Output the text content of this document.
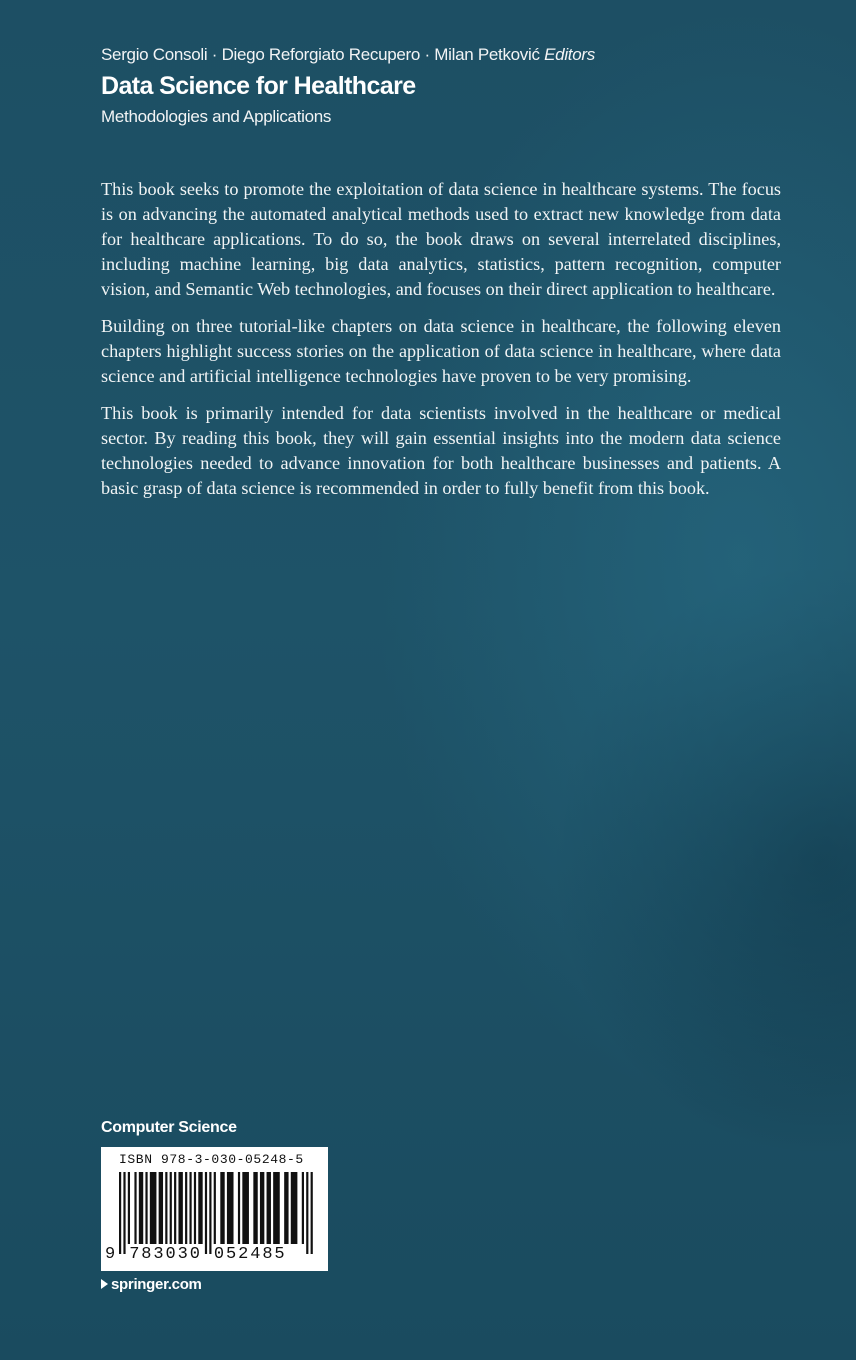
Sergio Consoli · Diego Reforgiato Recupero · Milan Petković Editors
Data Science for Healthcare
Methodologies and Applications

This book seeks to promote the exploitation of data science in healthcare systems. The focus is on advancing the automated analytical methods used to extract new knowledge from data for healthcare applications. To do so, the book draws on several interrelated disciplines, including machine learning, big data analytics, statistics, pattern recognition, computer vision, and Semantic Web technologies, and focuses on their direct application to healthcare.

Building on three tutorial-like chapters on data science in healthcare, the following eleven chapters highlight success stories on the application of data science in healthcare, where data science and artificial intelligence technologies have proven to be very promising.

This book is primarily intended for data scientists involved in the healthcare or medical sector. By reading this book, they will gain essential insights into the modern data science technologies needed to advance innovation for both healthcare businesses and patients. A basic grasp of data science is recommended in order to fully benefit from this book.

Computer Science
ISBN 978-3-030-05248-5
9 783030 052485
springer.com
